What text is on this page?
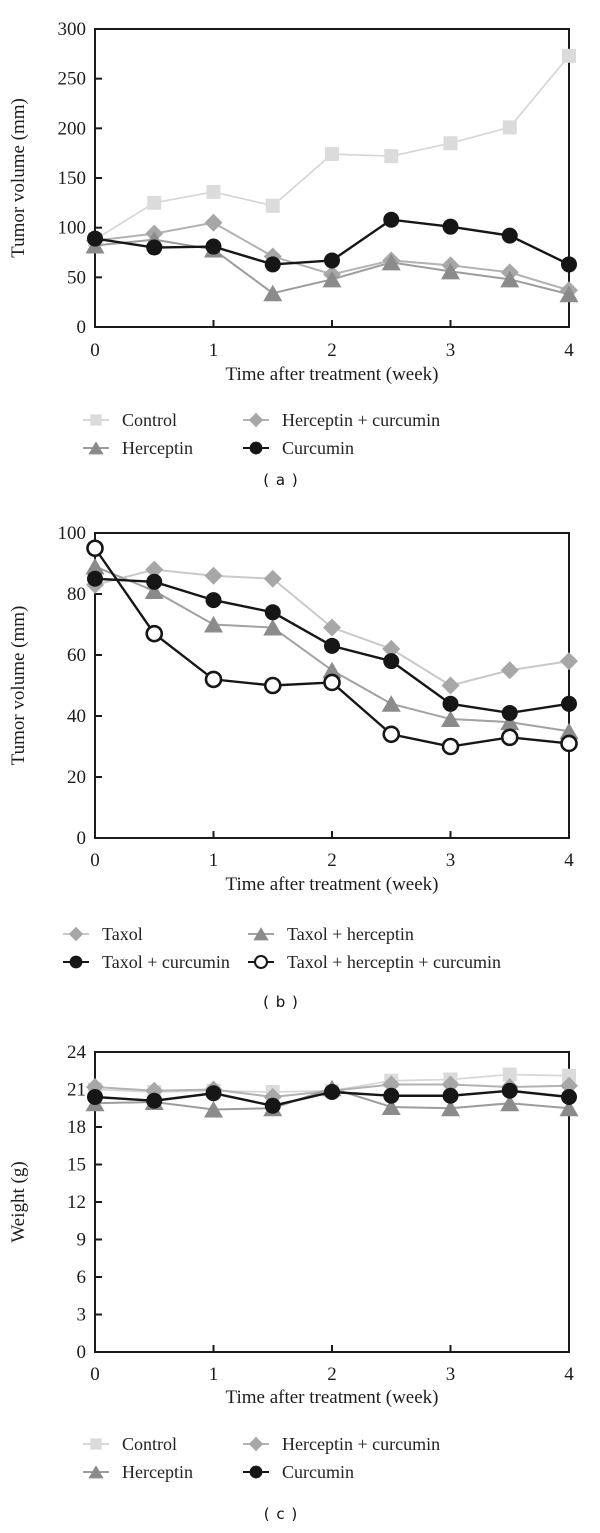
0
50
100
150
200
250
300
0	1	2	3	4
Time after treatment (week)
Tumor volume (mm)
Control	Herceptin + curcumin
Herceptin	Curcumin
( a )
0
20
40
60
80
100
0	1	2	3	4
Time after treatment (week)
Tumor volume (mm)
Taxol	Taxol + herceptin
Taxol + curcumin	Taxol + herceptin + curcumin
( b )
0
3
6
9
12
15
18
21
24
0	1	2	3	4
Time after treatment (week)
Weight (g)
Control	Herceptin + curcumin
Herceptin	Curcumin
( c )
